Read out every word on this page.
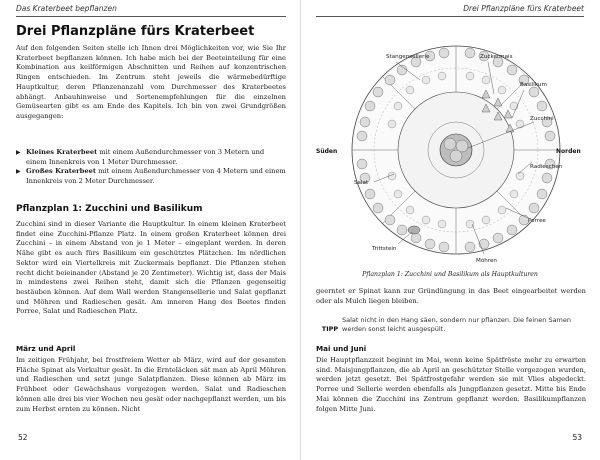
Das Kraterbeet bepflanzen
Drei Pflanzpläne fürs Kraterbeet

Auf den folgenden Seiten stelle ich Ihnen drei Möglichkeiten vor, wie Sie Ihr Kraterbeet bepflanzen können. Ich habe mich bei der Beeteinteilung für eine Kombination aus keilförmigen Abschnitten und Reihen auf konzentrischen Ringen entschieden. Im Zentrum steht jeweils die wärmebedürftige Hauptkultur, deren Pflanzenanzahl vom Durchmesser des Kraterbeetes abhängt. Anbauhinweise und Sortenempfehlungen für die einzelnen Gemüsearten gibt es am Ende des Kapitels. Ich bin von zwei Grundgrößen ausgegangen:

▶ Kleines Kraterbeet mit einem Außendurchmesser von 3 Metern und einem Innenkreis von 1 Meter Durchmesser.
▶ Großes Kraterbeet mit einem Außendurchmesser von 4 Metern und einem Innenkreis von 2 Meter Durchmesser.
Pflanzplan 1: Zucchini und Basilikum

Zucchini sind in dieser Variante die Hauptkultur. In einem kleinen Kraterbeet findet eine Zucchini-Pflanze Platz. In einem großen Kraterbeet können drei Zucchini – in einem Abstand von je 1 Meter – eingeplant werden. In deren Nähe gibt es auch fürs Basilikum ein geschütztes Plätzchen. Im nördlichen Sektor wird ein Viertelkreis mit Zuckermais bepflanzt. Die Pflanzen stehen recht dicht beieinander (Abstand je 20 Zentimeter). Wichtig ist, dass der Mais in mindestens zwei Reihen steht, damit sich die Pflanzen gegenseitig bestäuben können. Auf dem Wall werden Stangensellerie und Salat gepflanzt und Möhren und Radieschen gesät. Am inneren Hang des Beetes finden Porree, Salat und Radieschen Platz.

März und April

Im zeitigen Frühjahr, bei frostfreiem Wetter ab März, wird auf der gesamten Fläche Spinat als Vorkultur gesät. In die Ernteläcken sät man ab April Möhren und Radieschen und setzt junge Salatpflanzen. Diese können ab März im Frühbeet oder Gewächshaus vorgezogen werden. Salat und Radieschen können alle drei bis vier Wochen neu gesät oder nachgepflanzt werden, um bis zum Herbst ernten zu können. Nicht

52
Drei Pflanzpläne fürs Kraterbeet
Stangensellerie	Zuckermais
Basilikum
Zucchini
Süden	Norden
Radieschen
Salat
Porree
Trittstein
Möhren

Pflanzplan 1: Zucchini und Basilikum als Hauptkulturen

geerntet er Spinat kann zur Gründüngung in das Beet eingearbeitet werden oder als Mulch liegen bleiben.

TIPP

Salat nicht in den Hang säen, sondern nur pflanzen. Die feinen Samen werden sonst leicht ausgespült.

Mai und Juni

Die Hauptpflanzzeit beginnt im Mai, wenn keine Spätfröste mehr zu erwarten sind. Maisjungpflanzen, die ab April an geschützter Stelle vorgezogen wurden, werden jetzt gesetzt. Bei Spätfrostgefahr werden sie mit Vlies abgedeckt. Porree und Sellerie werden ebenfalls als Jungpflanzen gesetzt. Mitte bis Ende Mai können die Zucchini ins Zentrum gepflanzt werden. Basilikumpflanzen folgen Mitte Juni.

53
